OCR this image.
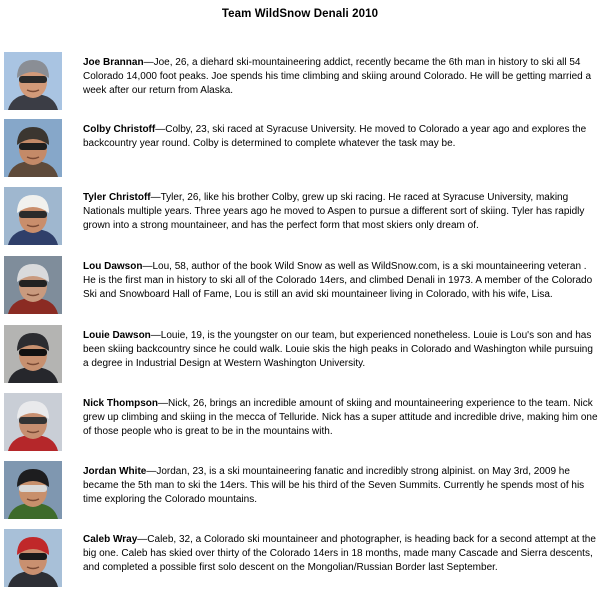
Team WildSnow Denali 2010

Joe Brannan—Joe, 26, a diehard ski-mountaineering addict, recently became the 6th man in history to ski all 54 Colorado 14,000 foot peaks. Joe spends his time climbing and skiing around Colorado. He will be getting married a week after our return from Alaska.

Colby Christoff—Colby, 23, ski raced at Syracuse University. He moved to Colorado a year ago and explores the backcountry year round. Colby is determined to complete whatever the task may be.

Tyler Christoff—Tyler, 26, like his brother Colby, grew up ski racing. He raced at Syracuse University, making Nationals multiple years. Three years ago he moved to Aspen to pursue a different sort of skiing. Tyler has rapidly grown into a strong mountaineer, and has the perfect form that most skiers only dream of.

Lou Dawson—Lou, 58, author of the book Wild Snow as well as WildSnow.com, is a ski mountaineering veteran . He is the first man in history to ski all of the Colorado 14ers, and climbed Denali in 1973. A member of the Colorado Ski and Snowboard Hall of Fame, Lou is still an avid ski mountaineer living in Colorado, with his wife, Lisa.

Louie Dawson—Louie, 19, is the youngster on our team, but experienced nonetheless. Louie is Lou's son and has been skiing backcountry since he could walk. Louie skis the high peaks in Colorado and Washington while pursuing a degree in Industrial Design at Western Washington University.

Nick Thompson—Nick, 26, brings an incredible amount of skiing and mountaineering experience to the team. Nick grew up climbing and skiing in the mecca of Telluride. Nick has a super attitude and incredible drive, making him one of those people who is great to be in the mountains with.

Jordan White—Jordan, 23, is a ski mountaineering fanatic and incredibly strong alpinist. on May 3rd, 2009 he became the 5th man to ski the 14ers. This will be his third of the Seven Summits. Currently he spends most of his time exploring the Colorado mountains.

Caleb Wray—Caleb, 32, a Colorado ski mountaineer and photographer, is heading back for a second attempt at the big one. Caleb has skied over thirty of the Colorado 14ers in 18 months, made many Cascade and Sierra descents, and completed a possible first solo descent on the Mongolian/Russian Border last September.
